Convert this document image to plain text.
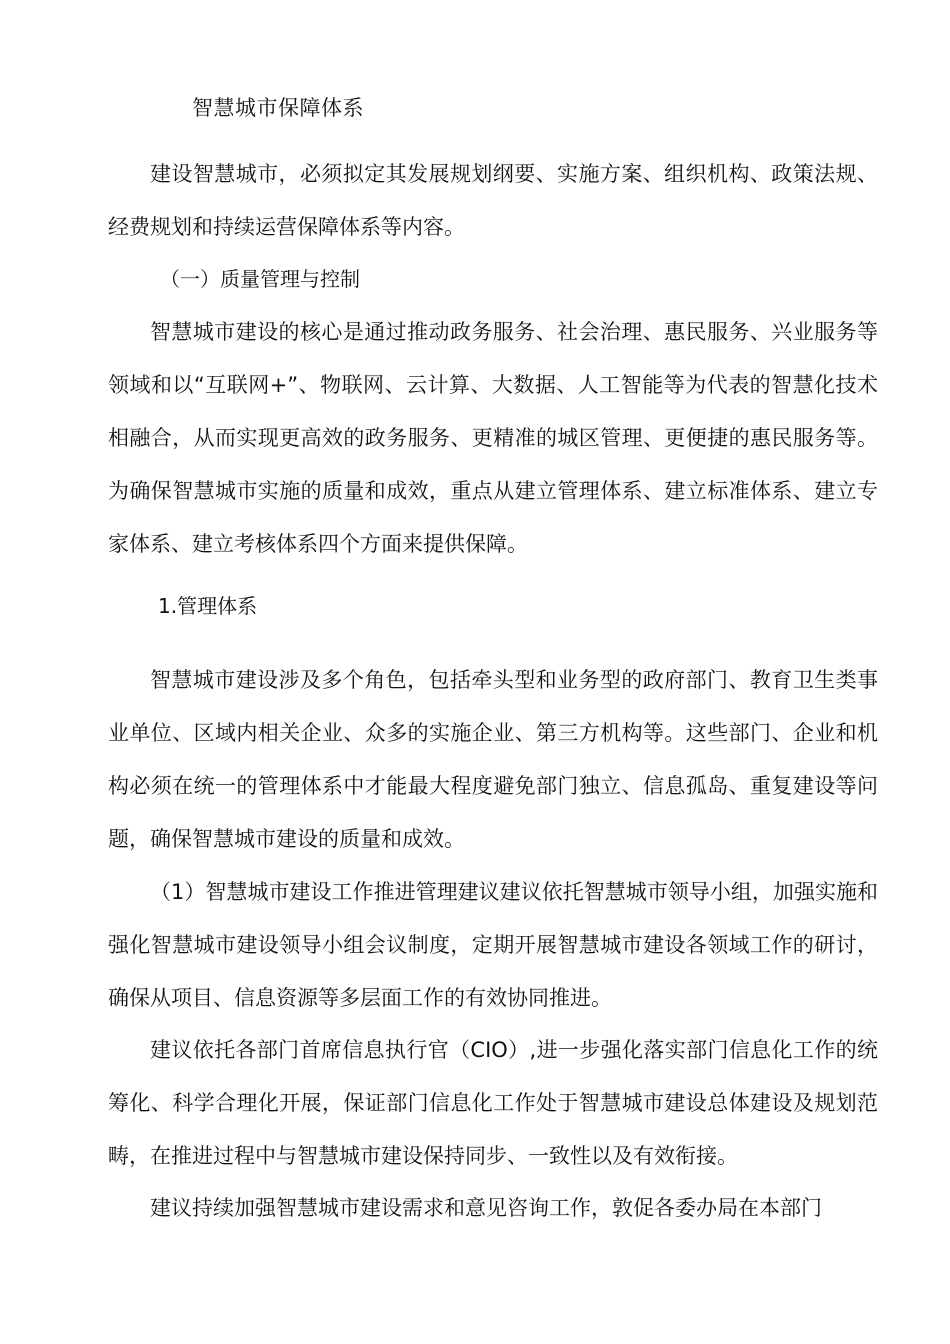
智慧城市保障体系

建设智慧城市，必须拟定其发展规划纲要、实施方案、组织机构、政策法规、经费规划和持续运营保障体系等内容。

（一）质量管理与控制

智慧城市建设的核心是通过推动政务服务、社会治理、惠民服务、兴业服务等领域和以“互联网+”、物联网、云计算、大数据、人工智能等为代表的智慧化技术相融合，从而实现更高效的政务服务、更精准的城区管理、更便捷的惠民服务等。为确保智慧城市实施的质量和成效，重点从建立管理体系、建立标准体系、建立专家体系、建立考核体系四个方面来提供保障。

1.管理体系

智慧城市建设涉及多个角色，包括牵头型和业务型的政府部门、教育卫生类事业单位、区域内相关企业、众多的实施企业、第三方机构等。这些部门、企业和机构必须在统一的管理体系中才能最大程度避免部门独立、信息孤岛、重复建设等问题，确保智慧城市建设的质量和成效。

（1）智慧城市建设工作推进管理建议建议依托智慧城市领导小组，加强实施和强化智慧城市建设领导小组会议制度，定期开展智慧城市建设各领域工作的研讨，确保从项目、信息资源等多层面工作的有效协同推进。

建议依托各部门首席信息执行官（CIO）,进一步强化落实部门信息化工作的统筹化、科学合理化开展，保证部门信息化工作处于智慧城市建设总体建设及规划范畴，在推进过程中与智慧城市建设保持同步、一致性以及有效衔接。

建议持续加强智慧城市建设需求和意见咨询工作，敦促各委办局在本部门
